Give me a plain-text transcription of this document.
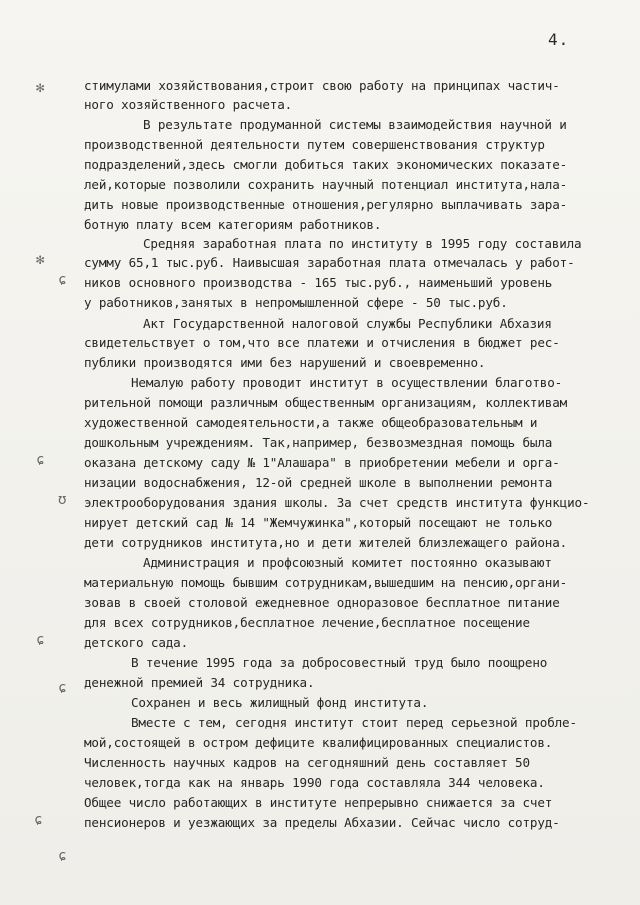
4.
✻
✻
ɕ
ɕ
ʊ
ɕ
ɕ
ɕ
ɕ
стимулами хозяйствования,строит свою работу на принципах частич-
ного хозяйственного расчета.
В результате продуманной системы взаимодействия научной и
производственной деятельности путем совершенствования структур
подразделений,здесь смогли добиться таких экономических показате-
лей,которые позволили сохранить научный потенциал института,нала-
дить новые производственные отношения,регулярно выплачивать зара-
ботную плату всем категориям работников.
Средняя заработная плата по институту в 1995 году составила
сумму 65,1 тыс.руб. Наивысшая заработная плата отмечалась у работ-
ников основного производства - 165 тыс.руб., наименьший уровень
у работников,занятых в непромышленной сфере - 50 тыс.руб.
Акт Государственной налоговой службы Республики Абхазия
свидетельствует о том,что все платежи и отчисления в бюджет рес-
публики производятся ими без нарушений и своевременно.
Немалую работу проводит институт в осуществлении благотво-
рительной помощи различным общественным организациям, коллективам
художественной самодеятельности,а также общеобразовательным и
дошкольным учреждениям. Так,например, безвозмездная помощь была
оказана детскому саду № 1"Алашара" в приобретении мебели и орга-
низации водоснабжения, 12-ой средней школе в выполнении ремонта
электрооборудования здания школы. За счет средств института функцио-
нирует детский сад № 14 "Жемчужинка",который посещают не только
дети сотрудников института,но и дети жителей близлежащего района.
Администрация и профсоюзный комитет постоянно оказывают
материальную помощь бывшим сотрудникам,вышедшим на пенсию,органи-
зовав в своей столовой ежедневное одноразовое бесплатное питание
для всех сотрудников,бесплатное лечение,бесплатное посещение
детского сада.
В течение 1995 года за добросовестный труд было поощрено
денежной премией 34 сотрудника.
Сохранен и весь жилищный фонд института.
Вместе с тем, сегодня институт стоит перед серьезной пробле-
мой,состоящей в остром дефиците квалифицированных специалистов.
Численность научных кадров на сегодняшний день составляет 50
человек,тогда как на январь 1990 года составляла 344 человека.
Общее число работающих в институте непрерывно снижается за счет
пенсионеров и уезжающих за пределы Абхазии. Сейчас число сотруд-
